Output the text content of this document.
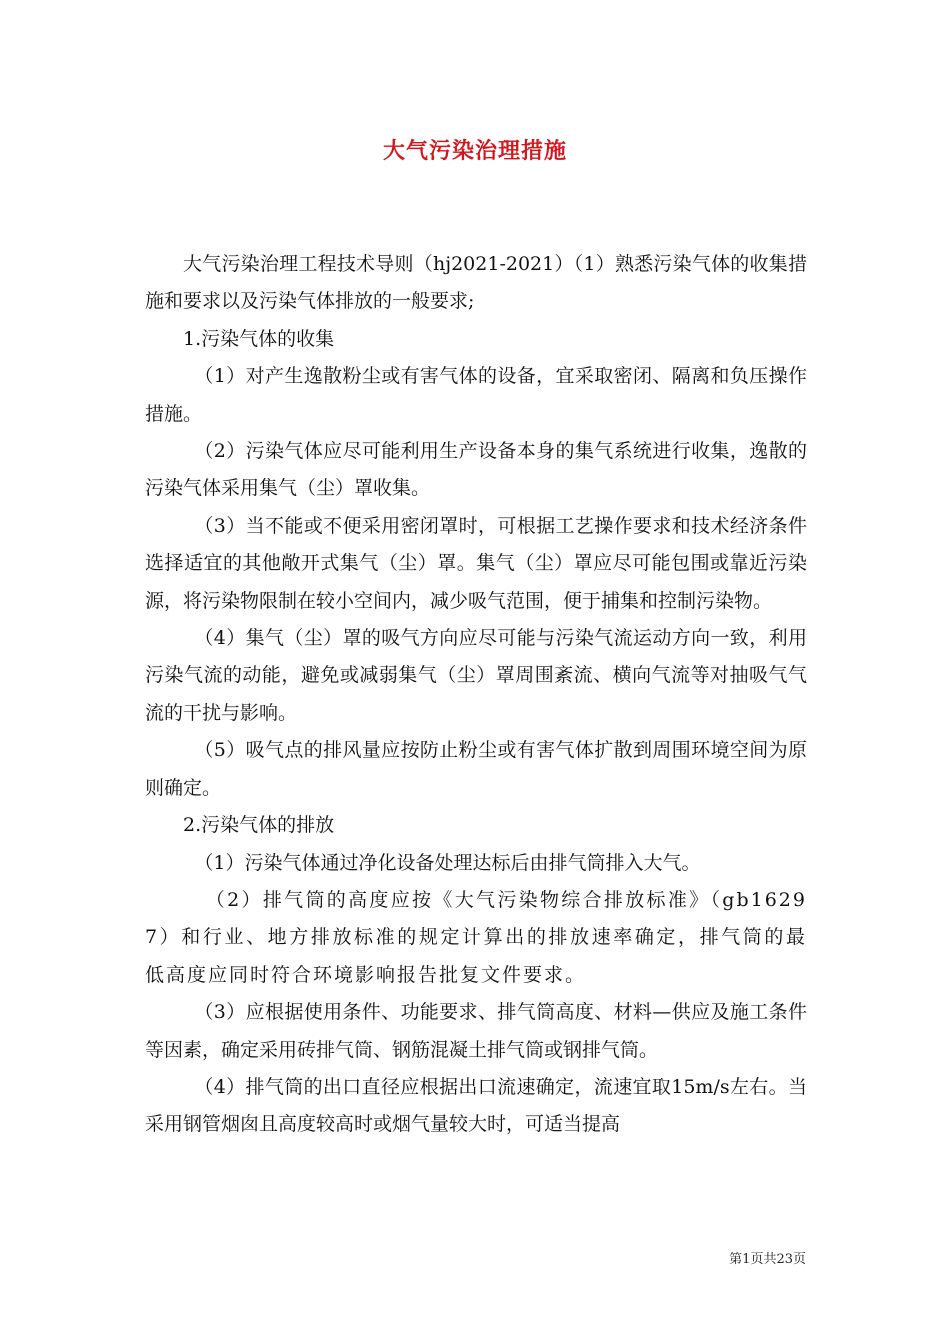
大气污染治理措施

大气污染治理工程技术导则（hj2021-2021）（1）熟悉污染气体的收集措施和要求以及污染气体排放的一般要求;

1.污染气体的收集

（1）对产生逸散粉尘或有害气体的设备，宜采取密闭、隔离和负压操作措施。

（2）污染气体应尽可能利用生产设备本身的集气系统进行收集，逸散的污染气体采用集气（尘）罩收集。

（3）当不能或不便采用密闭罩时，可根据工艺操作要求和技术经济条件选择适宜的其他敞开式集气（尘）罩。集气（尘）罩应尽可能包围或靠近污染源，将污染物限制在较小空间内，减少吸气范围，便于捕集和控制污染物。

（4）集气（尘）罩的吸气方向应尽可能与污染气流运动方向一致，利用污染气流的动能，避免或减弱集气（尘）罩周围紊流、横向气流等对抽吸气气流的干扰与影响。

（5）吸气点的排风量应按防止粉尘或有害气体扩散到周围环境空间为原则确定。

2.污染气体的排放

（1）污染气体通过净化设备处理达标后由排气筒排入大气。

（2）排气筒的高度应按《大气污染物综合排放标准》（gb16297）和行业、地方排放标准的规定计算出的排放速率确定，排气筒的最低高度应同时符合环境影响报告批复文件要求。

（3）应根据使用条件、功能要求、排气筒高度、材料—供应及施工条件等因素，确定采用砖排气筒、钢筋混凝土排气筒或钢排气筒。

（4）排气筒的出口直径应根据出口流速确定，流速宜取15m/s左右。当采用钢管烟囱且高度较高时或烟气量较大时，可适当提高

第1页共23页
